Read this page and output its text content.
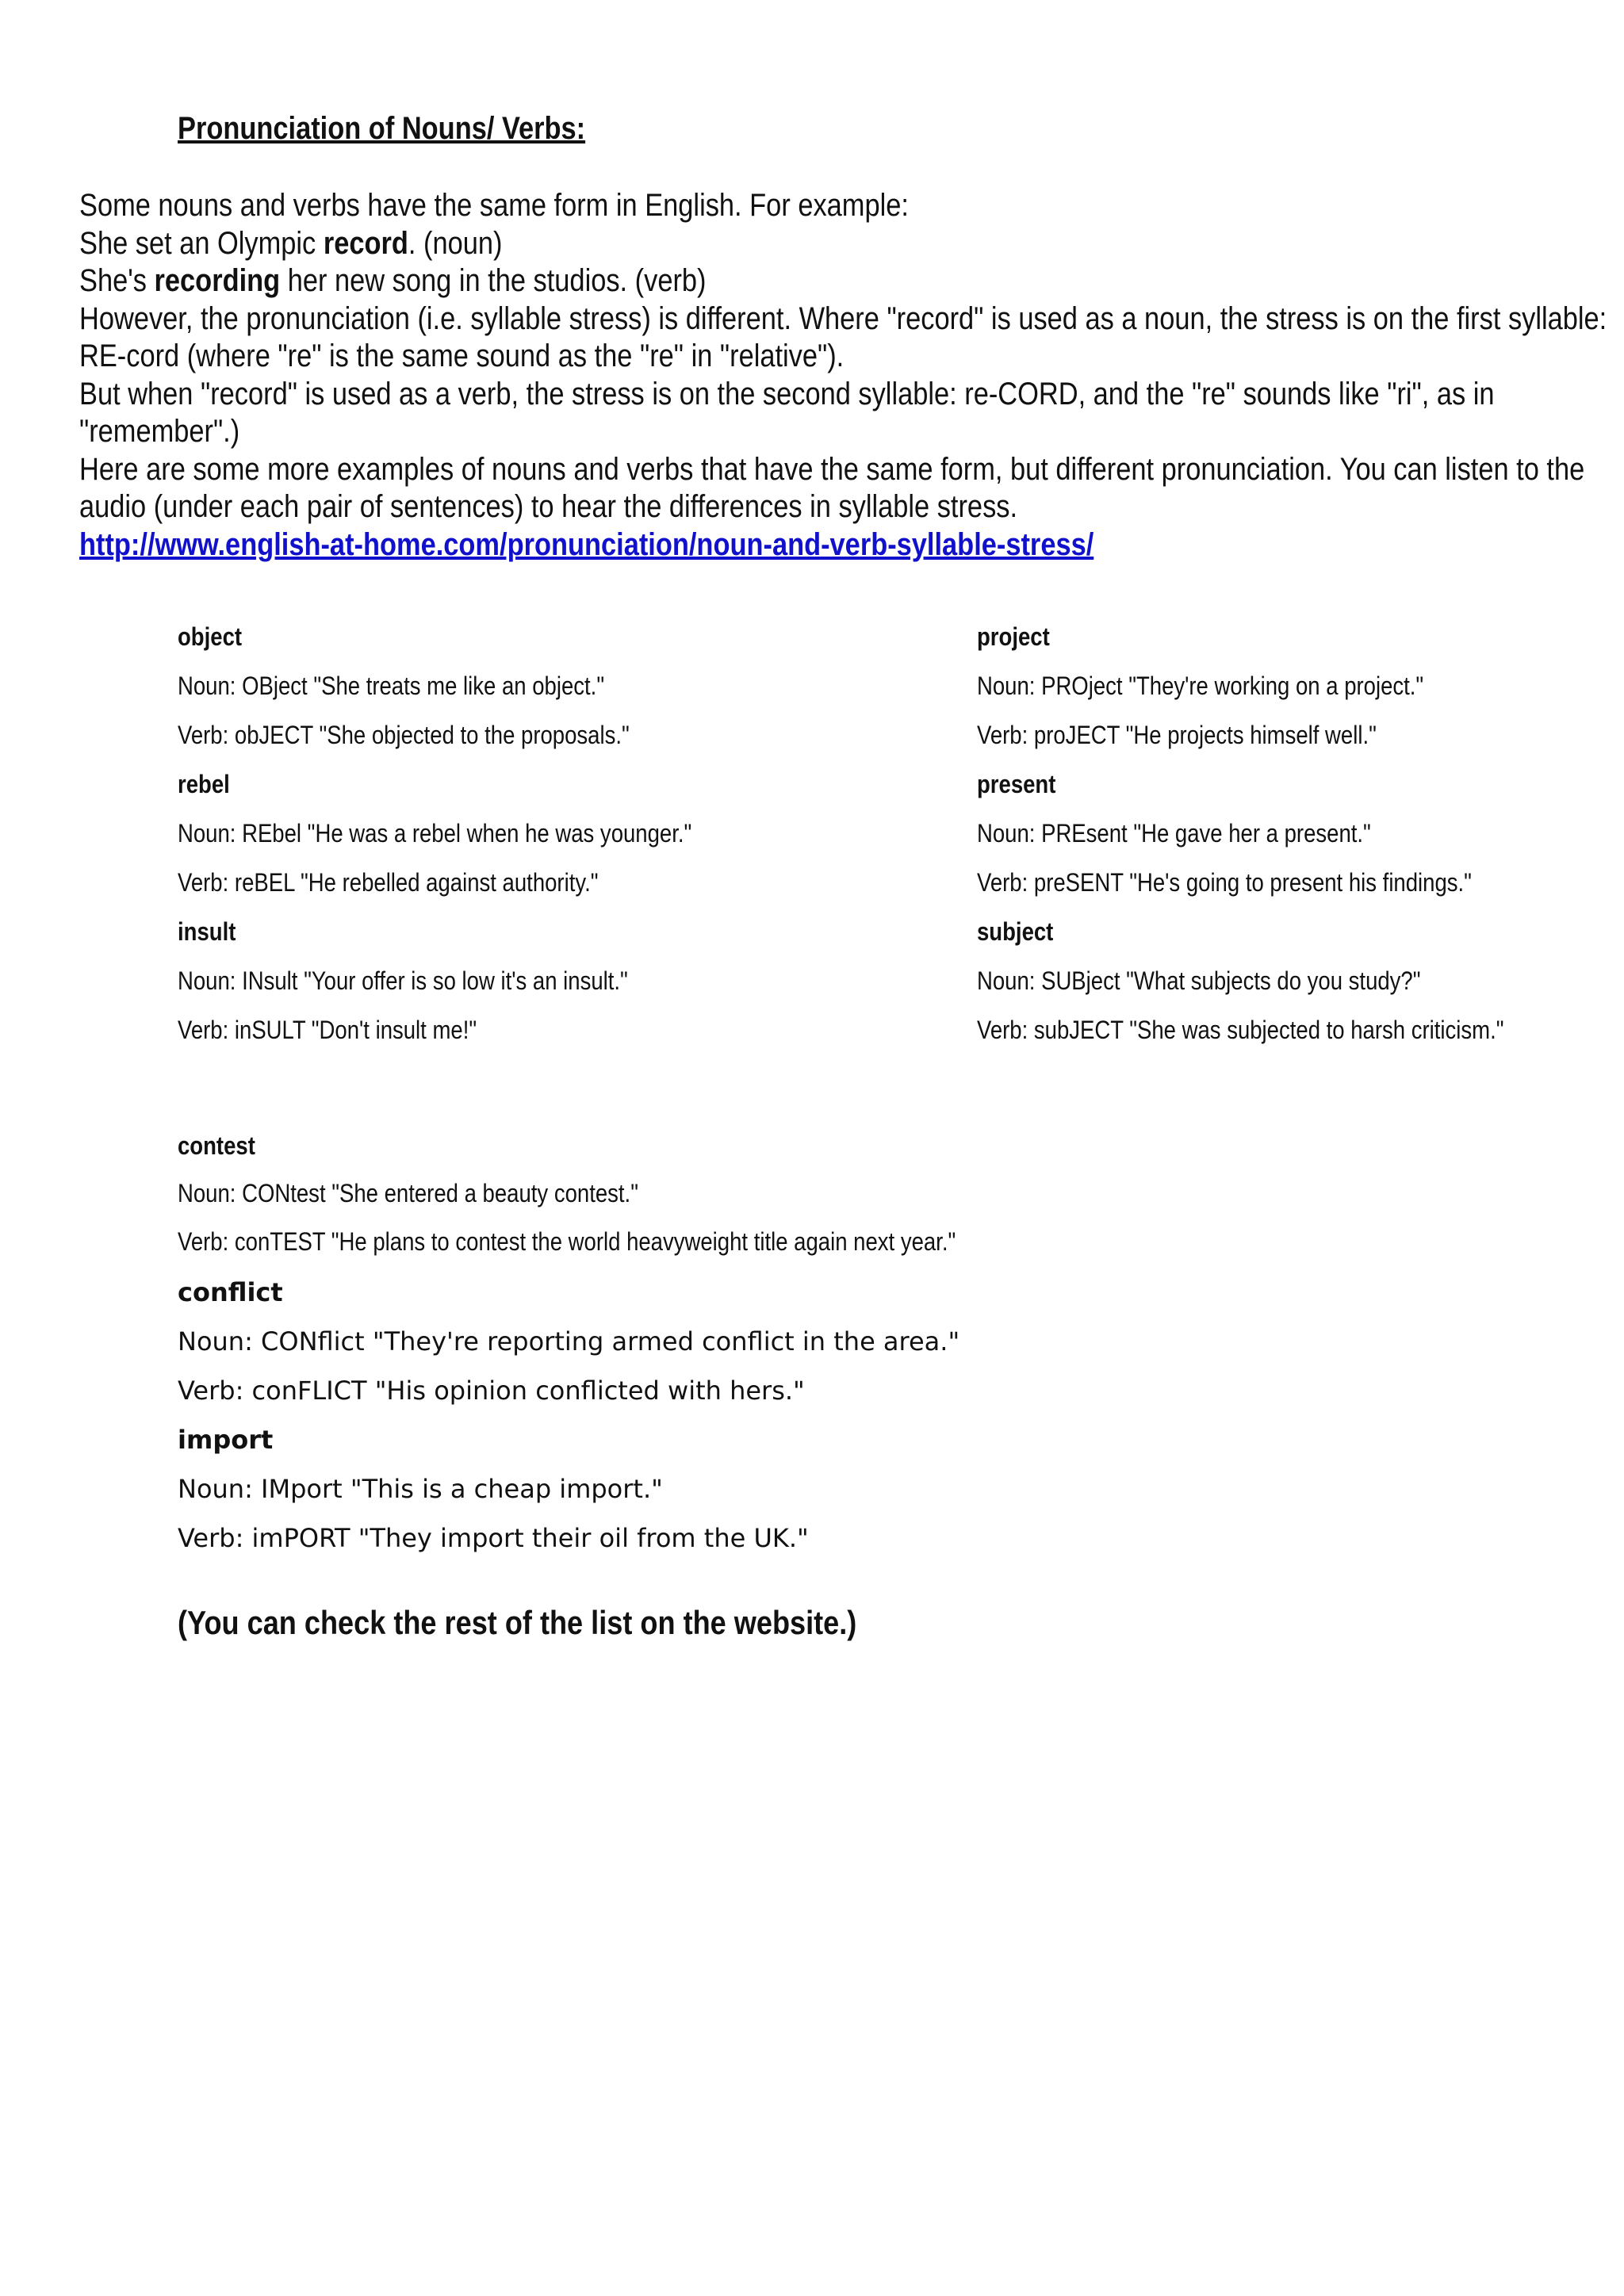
Pronunciation of Nouns/ Verbs:

Some nouns and verbs have the same form in English. For example:

She set an Olympic record. (noun)

She's recording her new song in the studios. (verb)

However, the pronunciation (i.e. syllable stress) is different. Where "record" is used as a noun, the stress is on the first syllable: RE-cord (where "re" is the same sound as the "re" in "relative").

But when "record" is used as a verb, the stress is on the second syllable: re-CORD, and the "re" sounds like "ri", as in "remember".)

Here are some more examples of nouns and verbs that have the same form, but different pronunciation. You can listen to the audio (under each pair of sentences) to hear the differences in syllable stress.

http://www.english-at-home.com/pronunciation/noun-and-verb-syllable-stress/

object
Noun: OBject "She treats me like an object."
Verb: obJECT "She objected to the proposals."
rebel
Noun: REbel "He was a rebel when he was younger."
Verb: reBEL "He rebelled against authority."
insult
Noun: INsult "Your offer is so low it's an insult."
Verb: inSULT "Don't insult me!"
project
Noun: PROject "They're working on a project."
Verb: proJECT "He projects himself well."
present
Noun: PREsent "He gave her a present."
Verb: preSENT "He's going to present his findings."
subject
Noun: SUBject "What subjects do you study?"
Verb: subJECT "She was subjected to harsh criticism."
contest
Noun: CONtest "She entered a beauty contest."
Verb: conTEST "He plans to contest the world heavyweight title again next year."
conflict
Noun: CONflict "They're reporting armed conflict in the area."
Verb: conFLICT "His opinion conflicted with hers."
import
Noun: IMport "This is a cheap import."
Verb: imPORT "They import their oil from the UK."
(You can check the rest of the list on the website.)
